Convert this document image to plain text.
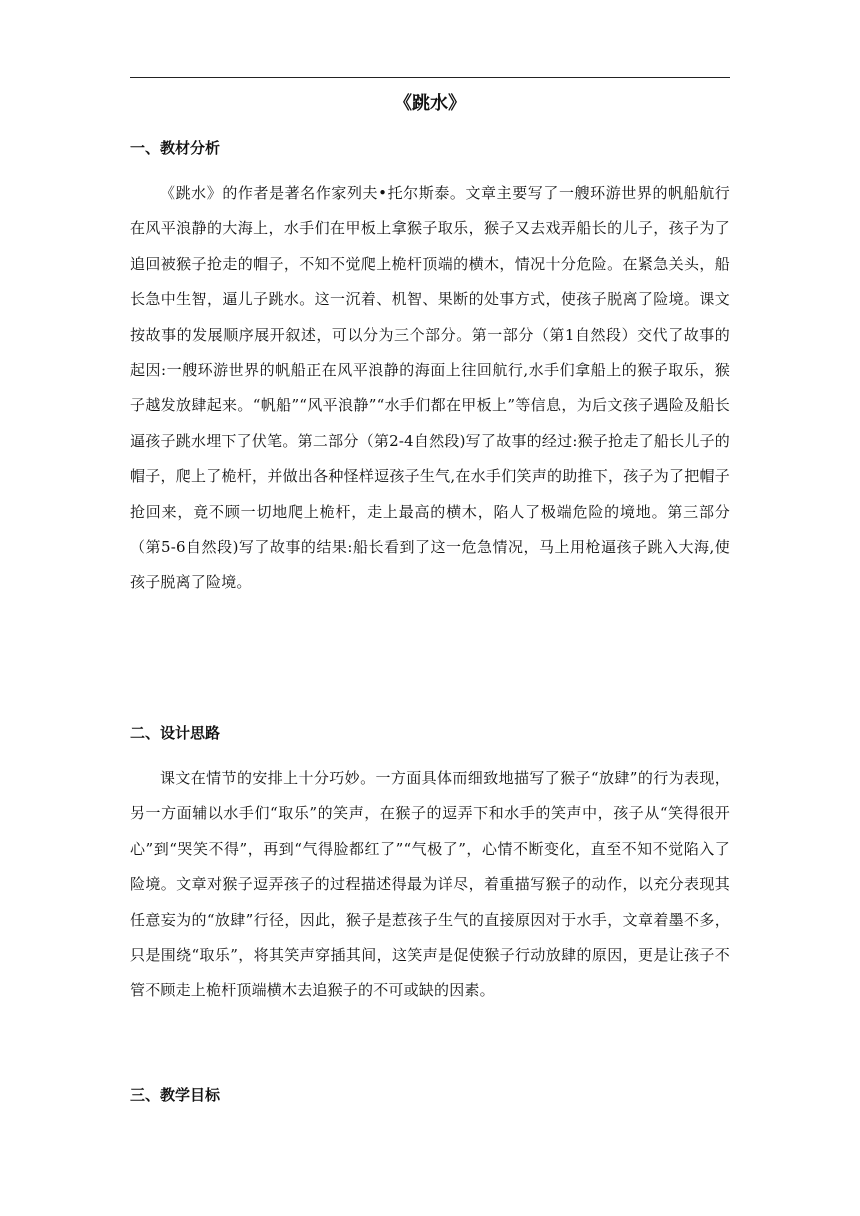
《跳水》
一、教材分析
《跳水》的作者是著名作家列夫•托尔斯泰。文章主要写了一艘环游世界的帆船航行在风平浪静的大海上，水手们在甲板上拿猴子取乐，猴子又去戏弄船长的儿子，孩子为了追回被猴子抢走的帽子，不知不觉爬上桅杆顶端的横木，情况十分危险。在紧急关头，船长急中生智，逼儿子跳水。这一沉着、机智、果断的处事方式，使孩子脱离了险境。课文按故事的发展顺序展开叙述，可以分为三个部分。第一部分（第1自然段）交代了故事的起因:一艘环游世界的帆船正在风平浪静的海面上往回航行,水手们拿船上的猴子取乐，猴子越发放肆起来。“帆船”“风平浪静”“水手们都在甲板上”等信息，为后文孩子遇险及船长逼孩子跳水埋下了伏笔。第二部分（第2-4自然段)写了故事的经过:猴子抢走了船长儿子的帽子，爬上了桅杆，并做出各种怪样逗孩子生气,在水手们笑声的助推下，孩子为了把帽子抢回来，竟不顾一切地爬上桅杆，走上最高的横木，陷人了极端危险的境地。第三部分（第5-6自然段)写了故事的结果:船长看到了这一危急情况，马上用枪逼孩子跳入大海,使孩子脱离了险境。
二、设计思路
课文在情节的安排上十分巧妙。一方面具体而细致地描写了猴子“放肆”的行为表现，另一方面辅以水手们“取乐”的笑声，在猴子的逗弄下和水手的笑声中，孩子从“笑得很开心”到“哭笑不得”，再到“气得脸都红了”“气极了”，心情不断变化，直至不知不觉陷入了险境。文章对猴子逗弄孩子的过程描述得最为详尽，着重描写猴子的动作，以充分表现其任意妄为的“放肆”行径，因此，猴子是惹孩子生气的直接原因对于水手，文章着墨不多，只是围绕“取乐”，将其笑声穿插其间，这笑声是促使猴子行动放肆的原因，更是让孩子不管不顾走上桅杆顶端横木去追猴子的不可或缺的因素。
三、教学目标
